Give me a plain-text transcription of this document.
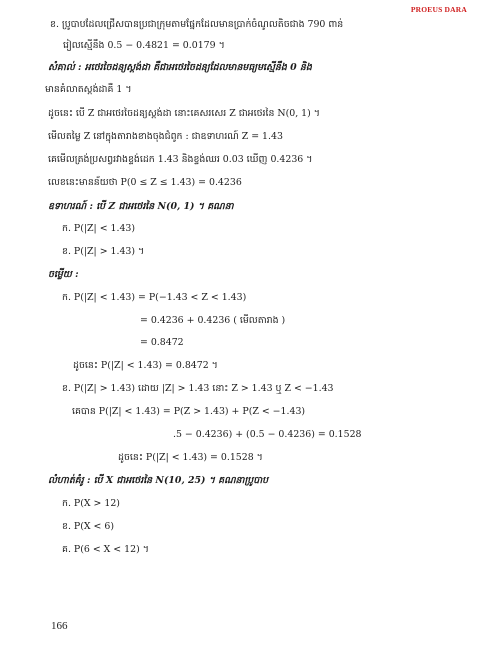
PROEUS DARA
ខ. ប្រូបាបដែលជ្រើសបានប្រជាក្រុមតាមផ្នែកដែលមានប្រាក់ចំណូលតិចជាង 790 ពាន់
រៀលស្មើនឹង 0.5 − 0.4821 = 0.0179 ។
សំគាល់ : អថេរចៃដន្យស្តង់ដា គឺជាអថេរចៃដន្យដែលមានមធ្យមស្មើនឹង 0 និង
មានគំលាតស្តង់ដាគឺ 1 ។
ដូចនេះ បើ Z ជាអថេរចៃដន្យស្តង់ដា នោះគេសរសេរ Z ជាអថេរនៃ N(0, 1) ។
មើលតម្លៃ Z នៅក្នុងតារាងខាងចុងជំពូក : ជាឧទាហរណ៍ Z = 1.43
គេមើលត្រង់ប្រសព្វរវាងខ្ទង់ដេក 1.43 និងខ្ទង់ឈរ 0.03 ឃើញ 0.4236 ។
លេខនេះមានន័យថា P(0 ≤ Z ≤ 1.43) = 0.4236
ឧទាហរណ៍ : បើ Z ជាអថេរនៃ N(0, 1) ។ គណនា
ក. P(|Z| < 1.43)
ខ. P(|Z| > 1.43) ។
ចម្លើយ :
ក. P(|Z| < 1.43) = P(−1.43 < Z < 1.43)
= 0.4236 + 0.4236 ( មើលតារាង )
= 0.8472
ដូចនេះ P(|Z| < 1.43) = 0.8472 ។
ខ. P(|Z| > 1.43) ដោយ |Z| > 1.43 នោះ Z > 1.43 ឬ Z < −1.43
គេបាន P(|Z| < 1.43) = P(Z > 1.43) + P(Z < −1.43)
.5 − 0.4236) + (0.5 − 0.4236) = 0.1528
ដូចនេះ P(|Z| < 1.43) = 0.1528 ។
លំហាត់គំរូ : បើ X ជាអថេរនៃ N(10, 25) ។ គណនាប្រូបាប
ក. P(X > 12)
ខ. P(X < 6)
គ. P(6 < X < 12) ។
166
